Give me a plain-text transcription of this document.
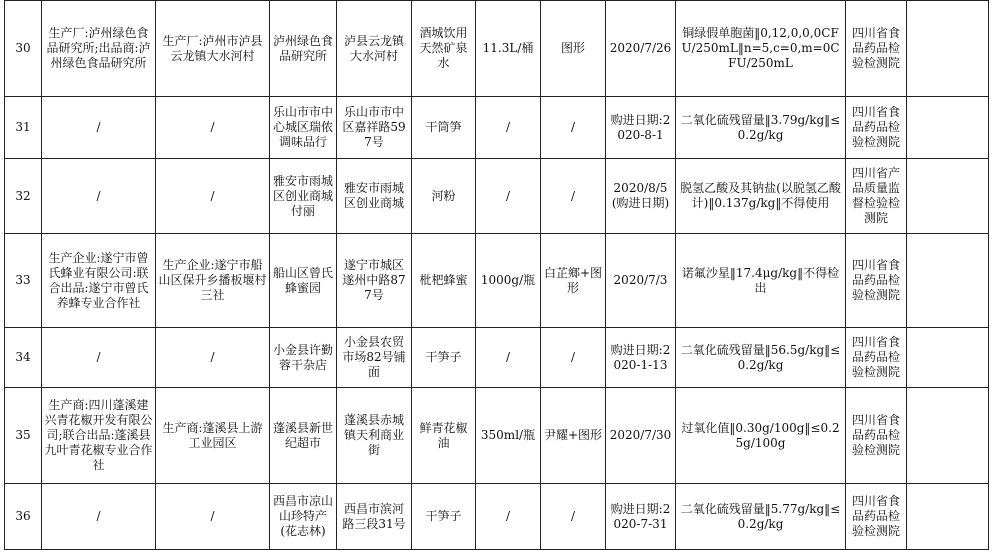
30	生产厂:泸州绿色食品研究所;出品商:泸州绿色食品研究所	生产厂:泸州市泸县云龙镇大水河村	泸州绿色食品研究所	泸县云龙镇大水河村	酒城饮用天然矿泉水	11.3L/桶	图形	2020/7/26	铜绿假单胞菌‖0,12,0,0,0CFU/250mL‖n=5,c=0,m=0CFU/250mL	四川省食品药品检验检测院	
31	/	/	乐山市市中心城区瑞侬调味品行	乐山市市中区嘉祥路597号	干筒笋	/	/	购进日期:2020-8-1	二氧化硫残留量‖3.79g/kg‖≤0.2g/kg	四川省食品药品检验检测院	
32	/	/	雅安市雨城区创业商城付丽	雅安市雨城区创业商城	河粉	/	/	2020/8/5(购进日期)	脱氢乙酸及其钠盐(以脱氢乙酸计)‖0.137g/kg‖不得使用	四川省产品质量监督检验检测院	
33	生产企业:遂宁市曾氏蜂业有限公司:联合出品:遂宁市曾氏养蜂专业合作社	生产企业:遂宁市船山区保升乡播板堰村三社	船山区曾氏蜂蜜园	遂宁市城区遂州中路877号	枇杷蜂蜜	1000g/瓶	白芷鄉+图形	2020/7/3	诺氟沙星‖17.4μg/kg‖不得检出	四川省食品药品检验检测院	
34	/	/	小金县许勤蓉干杂店	小金县农贸市场82号铺面	干笋子	/	/	购进日期:2020-1-13	二氧化硫残留量‖56.5g/kg‖≤0.2g/kg	四川省食品药品检验检测院	
35	生产商:四川蓬溪建兴青花椒开发有限公司;联合出品:蓬溪县九叶青花椒专业合作社	生产商:蓬溪县上游工业园区	蓬溪县新世纪超市	蓬溪县赤城镇天利商业街	鲜青花椒油	350ml/瓶	尹耀+图形	2020/7/30	过氧化值‖0.30g/100g‖≤0.25g/100g	四川省食品药品检验检测院	
36	/	/	西昌市凉山山珍特产(花志林)	西昌市滨河路三段31号	干笋子	/	/	购进日期:2020-7-31	二氧化硫残留量‖5.77g/kg‖≤0.2g/kg	四川省食品药品检验检测院	
